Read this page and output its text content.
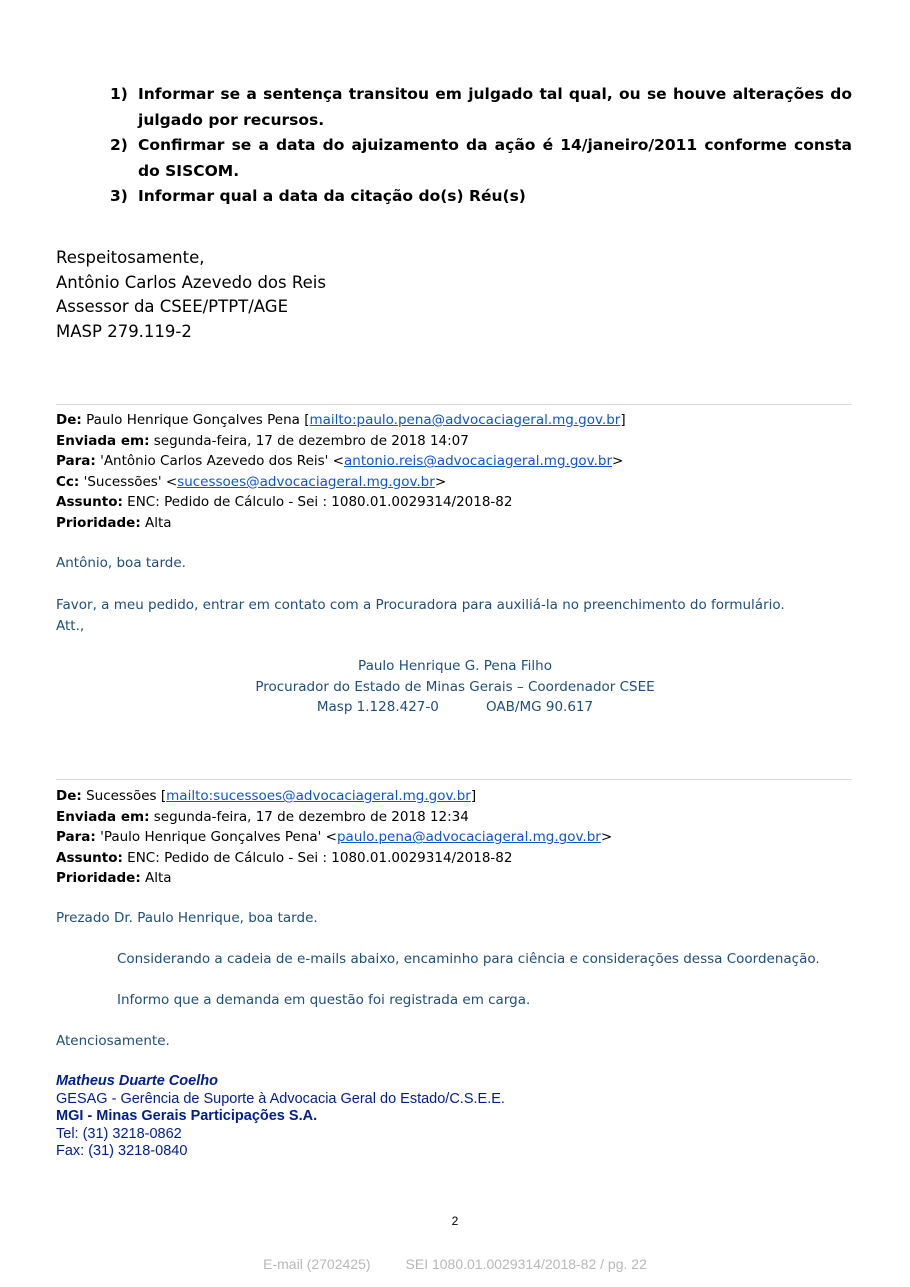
1) Informar se a sentença transitou em julgado tal qual, ou se houve alterações do julgado por recursos.
2) Confirmar se a data do ajuizamento da ação é 14/janeiro/2011 conforme consta do SISCOM.
3) Informar qual a data da citação do(s) Réu(s)
Respeitosamente,
Antônio Carlos Azevedo dos Reis
Assessor da CSEE/PTPT/AGE
MASP 279.119-2
De: Paulo Henrique Gonçalves Pena [mailto:paulo.pena@advocaciageral.mg.gov.br]
Enviada em: segunda-feira, 17 de dezembro de 2018 14:07
Para: 'Antônio Carlos Azevedo dos Reis' <antonio.reis@advocaciageral.mg.gov.br>
Cc: 'Sucessões' <sucessoes@advocaciageral.mg.gov.br>
Assunto: ENC: Pedido de Cálculo - Sei : 1080.01.0029314/2018-82
Prioridade: Alta
Antônio, boa tarde.
Favor, a meu pedido, entrar em contato com a Procuradora para auxiliá-la no preenchimento do formulário.
Att.,
Paulo Henrique G. Pena Filho
Procurador do Estado de Minas Gerais – Coordenador CSEE
Masp 1.128.427-0           OAB/MG 90.617
De: Sucessões [mailto:sucessoes@advocaciageral.mg.gov.br]
Enviada em: segunda-feira, 17 de dezembro de 2018 12:34
Para: 'Paulo Henrique Gonçalves Pena' <paulo.pena@advocaciageral.mg.gov.br>
Assunto: ENC: Pedido de Cálculo - Sei : 1080.01.0029314/2018-82
Prioridade: Alta
Prezado Dr. Paulo Henrique, boa tarde.
Considerando a cadeia de e-mails abaixo, encaminho para ciência e considerações dessa Coordenação.
Informo que a demanda em questão foi registrada em carga.
Atenciosamente.
Matheus Duarte Coelho
GESAG - Gerência de Suporte à Advocacia Geral do Estado/C.S.E.E.
MGI - Minas Gerais Participações S.A.
Tel: (31) 3218-0862
Fax: (31) 3218-0840
2
E-mail (2702425)         SEI 1080.01.0029314/2018-82 / pg. 22
